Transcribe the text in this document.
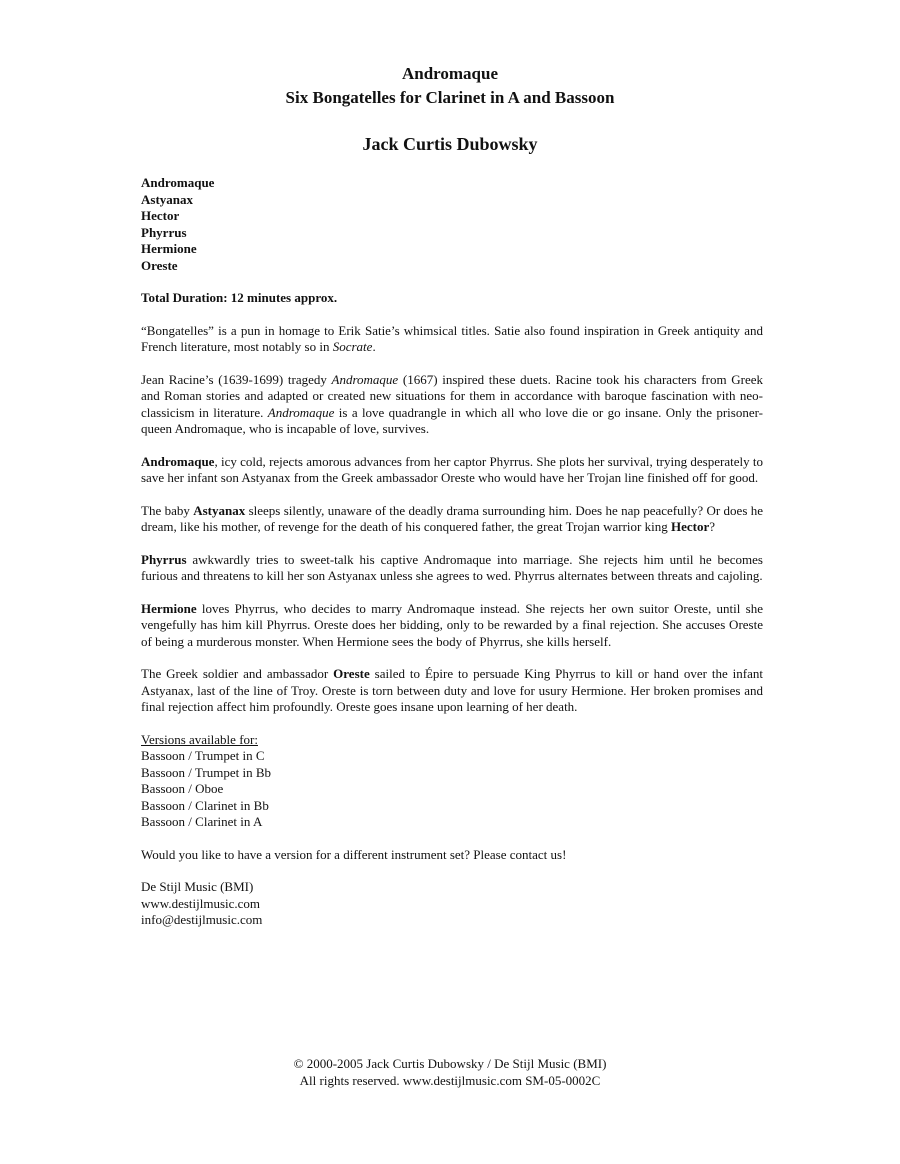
Andromaque
Six Bongatelles for Clarinet in A and Bassoon
Jack Curtis Dubowsky
Andromaque
Astyanax
Hector
Phyrrus
Hermione
Oreste
Total Duration: 12 minutes approx.

“Bongatelles” is a pun in homage to Erik Satie’s whimsical titles. Satie also found inspiration in Greek antiquity and French literature, most notably so in Socrate.

Jean Racine’s (1639-1699) tragedy Andromaque (1667) inspired these duets. Racine took his characters from Greek and Roman stories and adapted or created new situations for them in accordance with baroque fascination with neo-classicism in literature. Andromaque is a love quadrangle in which all who love die or go insane. Only the prisoner-queen Andromaque, who is incapable of love, survives.

Andromaque, icy cold, rejects amorous advances from her captor Phyrrus. She plots her survival, trying desperately to save her infant son Astyanax from the Greek ambassador Oreste who would have her Trojan line finished off for good.

The baby Astyanax sleeps silently, unaware of the deadly drama surrounding him. Does he nap peacefully? Or does he dream, like his mother, of revenge for the death of his conquered father, the great Trojan warrior king Hector?

Phyrrus awkwardly tries to sweet-talk his captive Andromaque into marriage. She rejects him until he becomes furious and threatens to kill her son Astyanax unless she agrees to wed. Phyrrus alternates between threats and cajoling.

Hermione loves Phyrrus, who decides to marry Andromaque instead. She rejects her own suitor Oreste, until she vengefully has him kill Phyrrus. Oreste does her bidding, only to be rewarded by a final rejection. She accuses Oreste of being a murderous monster. When Hermione sees the body of Phyrrus, she kills herself.

The Greek soldier and ambassador Oreste sailed to Épire to persuade King Phyrrus to kill or hand over the infant Astyanax, last of the line of Troy. Oreste is torn between duty and love for usury Hermione. Her broken promises and final rejection affect him profoundly. Oreste goes insane upon learning of her death.

Versions available for:
Bassoon / Trumpet in C
Bassoon / Trumpet in Bb
Bassoon / Oboe
Bassoon / Clarinet in Bb
Bassoon / Clarinet in A

Would you like to have a version for a different instrument set? Please contact us!

De Stijl Music (BMI)
www.destijlmusic.com
info@destijlmusic.com
© 2000-2005 Jack Curtis Dubowsky / De Stijl Music (BMI)
All rights reserved. www.destijlmusic.com SM-05-0002C
